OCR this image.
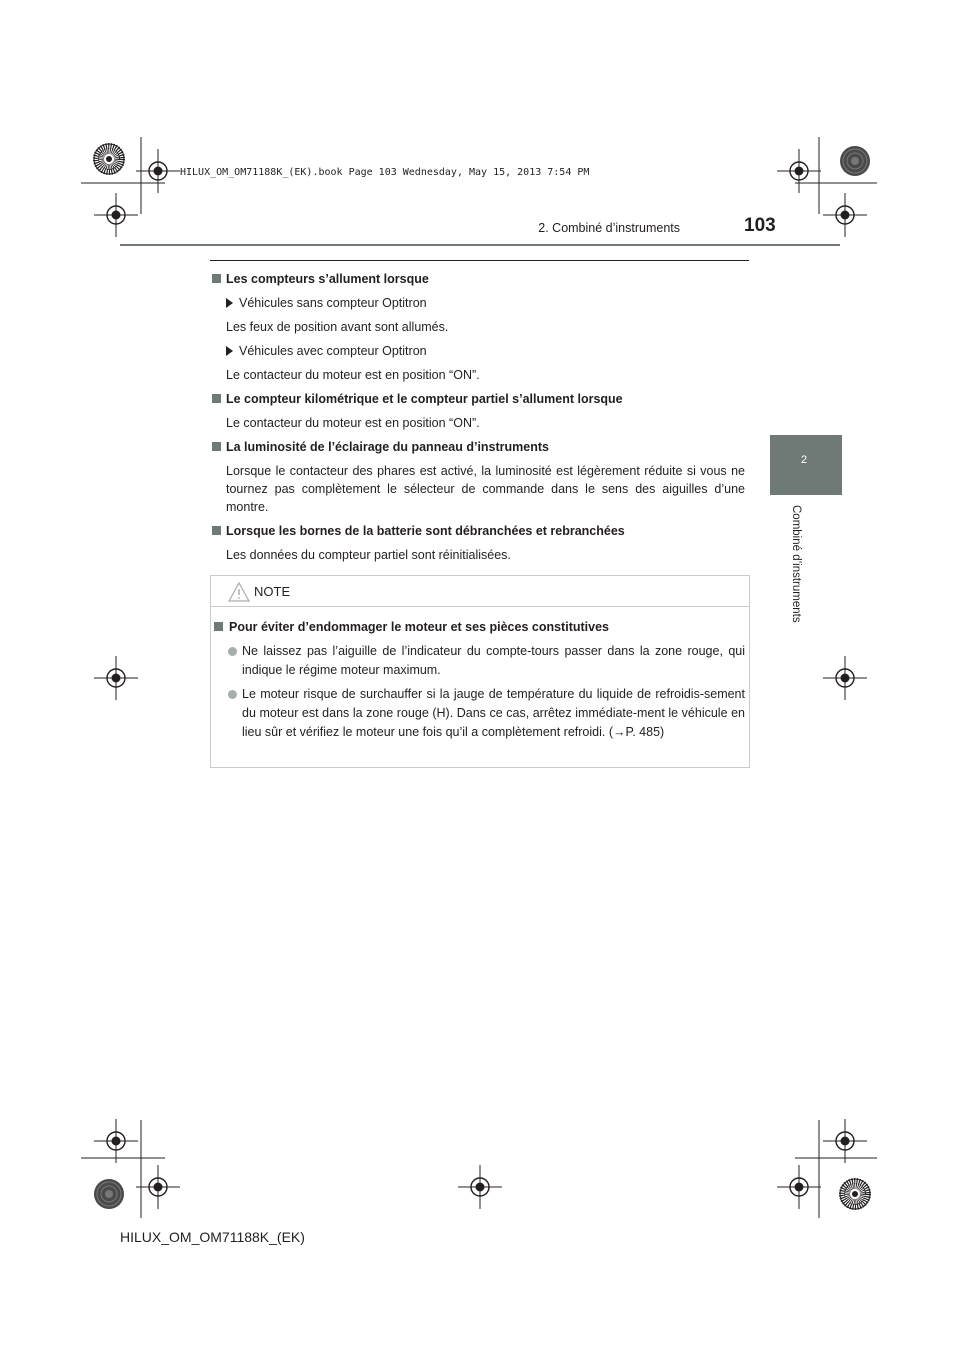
HILUX_OM_OM71188K_(EK).book Page 103 Wednesday, May 15, 2013 7:54 PM
103
2. Combiné d’instruments
2
Combiné d’instruments
Les compteurs s’allument lorsque
Véhicules sans compteur Optitron
Les feux de position avant sont allumés.
Véhicules avec compteur Optitron
Le contacteur du moteur est en position “ON”.
Le compteur kilométrique et le compteur partiel s’allument lorsque
Le contacteur du moteur est en position “ON”.
La luminosité de l’éclairage du panneau d’instruments
Lorsque le contacteur des phares est activé, la luminosité est légèrement réduite si vous ne tournez pas complètement le sélecteur de commande dans le sens des aiguilles d’une montre.
Lorsque les bornes de la batterie sont débranchées et rebranchées
Les données du compteur partiel sont réinitialisées.
NOTE
Pour éviter d’endommager le moteur et ses pièces constitutives
Ne laissez pas l’aiguille de l’indicateur du compte-tours passer dans la zone rouge, qui indique le régime moteur maximum.
Le moteur risque de surchauffer si la jauge de température du liquide de refroidis-sement du moteur est dans la zone rouge (H). Dans ce cas, arrêtez immédiate-ment le véhicule en lieu sûr et vérifiez le moteur une fois qu’il a complètement refroidi. (→P. 485)
HILUX_OM_OM71188K_(EK)
